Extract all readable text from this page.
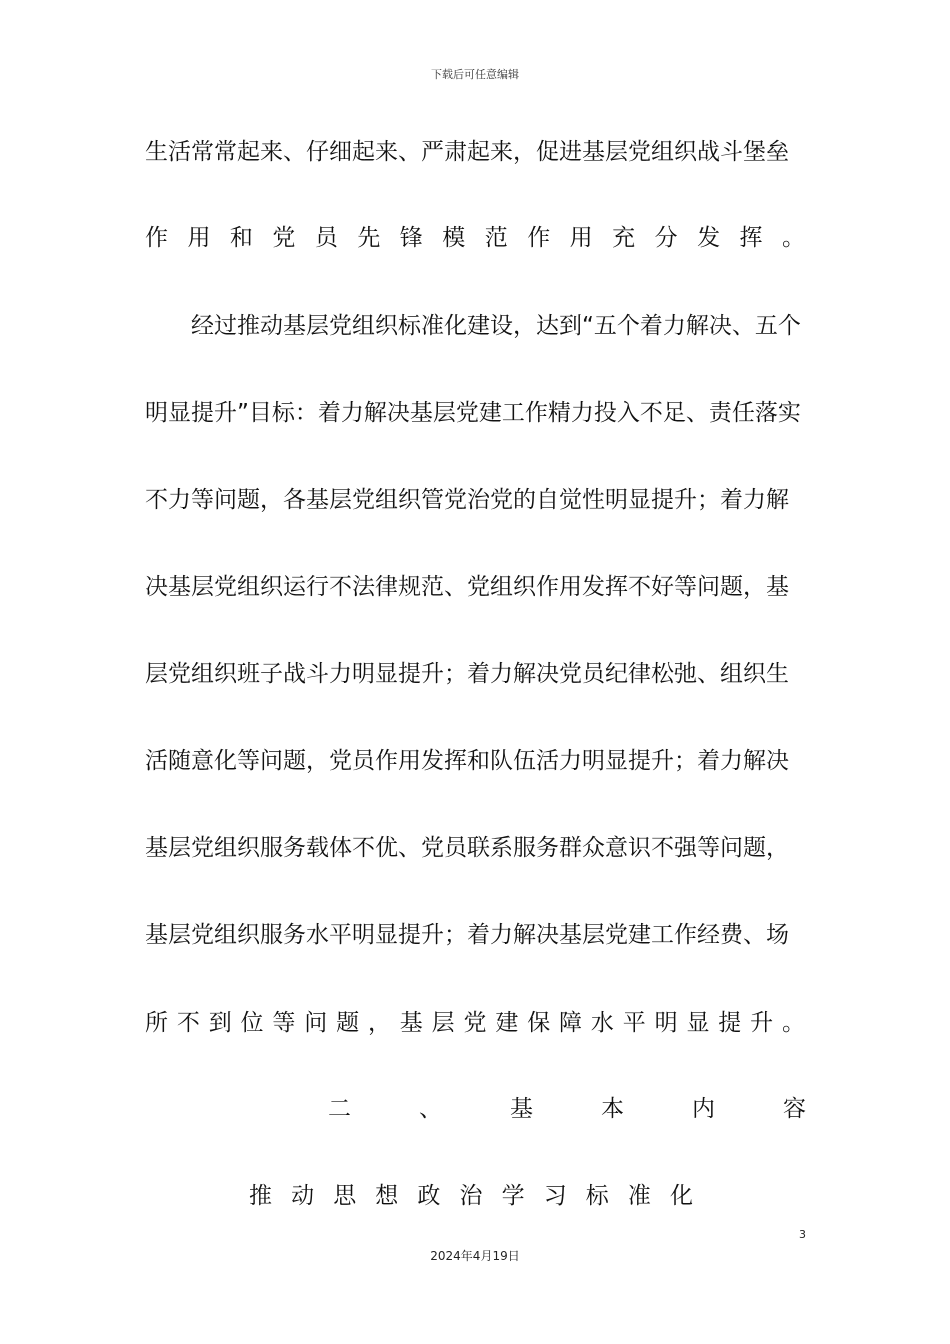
下载后可任意编辑
生活常常起来、仔细起来、严肃起来，促进基层党组织战斗堡垒
作用和党员先锋模范作用充分发挥。
经过推动基层党组织标准化建设，达到“五个着力解决、五个
明显提升”目标：着力解决基层党建工作精力投入不足、责任落实
不力等问题，各基层党组织管党治党的自觉性明显提升；着力解
决基层党组织运行不法律规范、党组织作用发挥不好等问题，基
层党组织班子战斗力明显提升；着力解决党员纪律松弛、组织生
活随意化等问题，党员作用发挥和队伍活力明显提升；着力解决
基层党组织服务载体不优、党员联系服务群众意识不强等问题，
基层党组织服务水平明显提升；着力解决基层党建工作经费、场
所不到位等问题，基层党建保障水平明显提升。
二、基本内容
推动思想政治学习标准化
3
2024年4月19日
